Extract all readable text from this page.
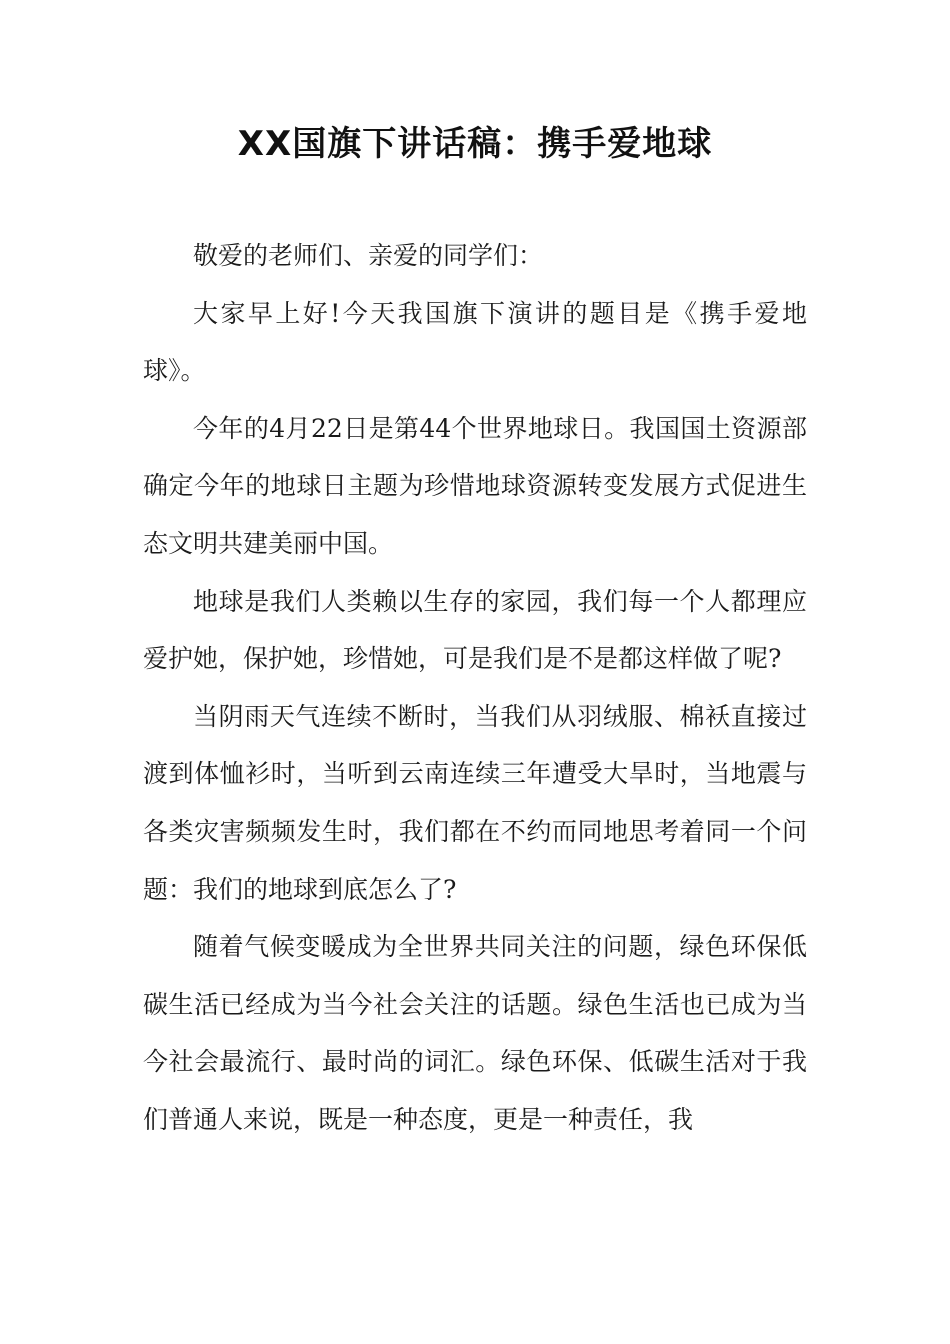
XX国旗下讲话稿：携手爱地球

敬爱的老师们、亲爱的同学们：

大家早上好!今天我国旗下演讲的题目是《携手爱地球》。

今年的4月22日是第44个世界地球日。我国国土资源部确定今年的地球日主题为珍惜地球资源转变发展方式促进生态文明共建美丽中国。

地球是我们人类赖以生存的家园，我们每一个人都理应爱护她，保护她，珍惜她，可是我们是不是都这样做了呢?

当阴雨天气连续不断时，当我们从羽绒服、棉袄直接过渡到体恤衫时，当听到云南连续三年遭受大旱时，当地震与各类灾害频频发生时，我们都在不约而同地思考着同一个问题：我们的地球到底怎么了?

随着气候变暖成为全世界共同关注的问题，绿色环保低碳生活已经成为当今社会关注的话题。绿色生活也已成为当今社会最流行、最时尚的词汇。绿色环保、低碳生活对于我们普通人来说，既是一种态度，更是一种责任，我
